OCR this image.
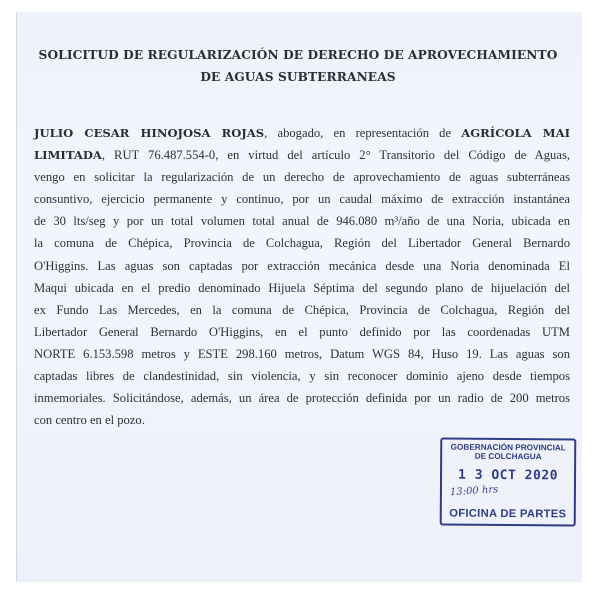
SOLICITUD DE REGULARIZACIÓN DE DERECHO DE APROVECHAMIENTO
DE AGUAS SUBTERRANEAS
JULIO CESAR HINOJOSA ROJAS, abogado, en representación de AGRÍCOLA MAI
LIMITADA, RUT 76.487.554-0, en virtud del artículo 2° Transitorio del Código de Aguas,
vengo en solicitar la regularización de un derecho de aprovechamiento de aguas subterráneas
consuntivo, ejercicio permanente y continuo, por un caudal máximo de extracción instantánea
de 30 lts/seg y por un total volumen total anual de 946.080 m³/año de una Noria, ubicada en
la comuna de Chépica, Provincia de Colchagua, Región del Libertador General Bernardo
O'Higgins. Las aguas son captadas por extracción mecánica desde una Noria denominada El
Maqui ubicada en el predio denominado Hijuela Séptima del segundo plano de hijuelación del
ex Fundo Las Mercedes, en la comuna de Chépica, Provincia de Colchagua, Región del
Libertador General Bernardo O'Higgins, en el punto definido por las coordenadas UTM
NORTE 6.153.598 metros y ESTE 298.160 metros, Datum WGS 84, Huso 19. Las aguas son
captadas libres de clandestinidad, sin violencia, y sin reconocer dominio ajeno desde tiempos
inmemoriales. Solicitándose, además, un área de protección definida por un radio de 200 metros
con centro en el pozo.
GOBERNACIÓN PROVINCIAL
DE COLCHAGUA
1 3 OCT 2020
13:00 hrs
OFICINA DE PARTES
